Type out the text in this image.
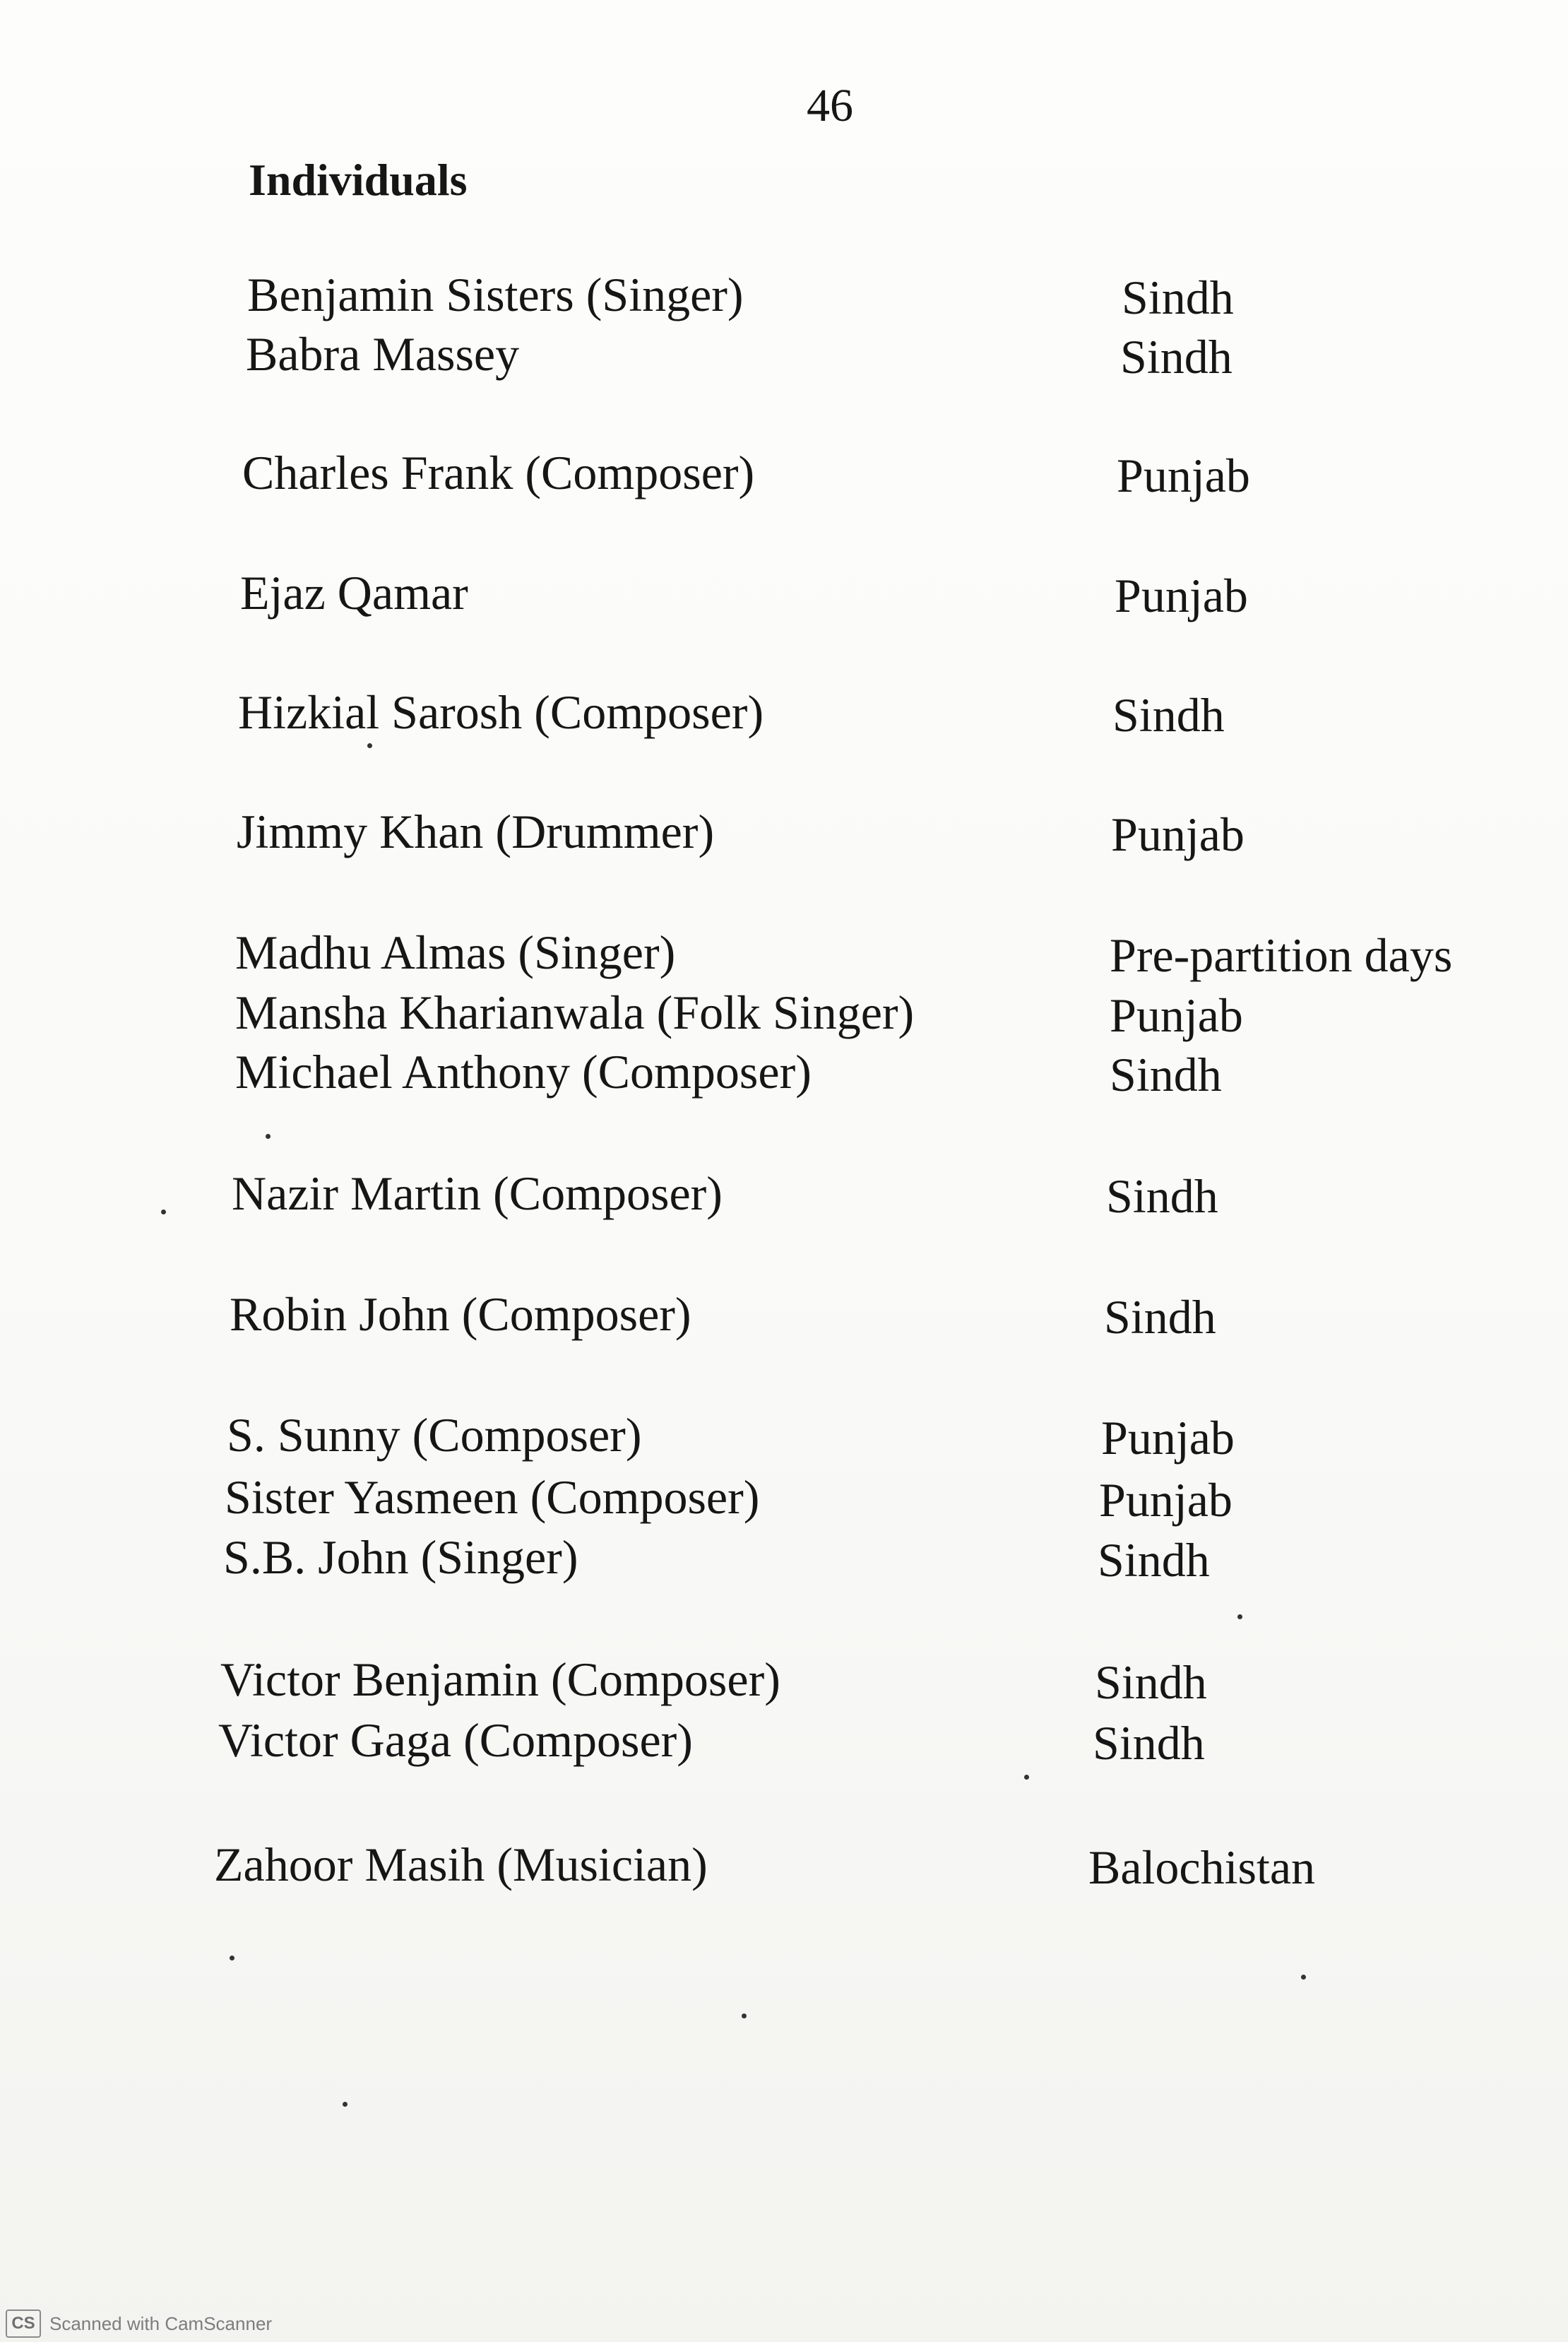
46
Individuals
Benjamin Sisters (Singer)	Sindh
Babra Massey	Sindh
Charles Frank (Composer)	Punjab
Ejaz Qamar	Punjab
Hizkial Sarosh (Composer)	Sindh
Jimmy Khan (Drummer)	Punjab
Madhu Almas (Singer)	Pre-partition days
Mansha Kharianwala (Folk Singer)	Punjab
Michael Anthony (Composer)	Sindh
Nazir Martin (Composer)	Sindh
Robin John (Composer)	Sindh
S. Sunny (Composer)	Punjab
Sister Yasmeen (Composer)	Punjab
S.B. John (Singer)	Sindh
Victor Benjamin (Composer)	Sindh
Victor Gaga (Composer)	Sindh
Zahoor Masih (Musician)	Balochistan
CS Scanned with CamScanner
